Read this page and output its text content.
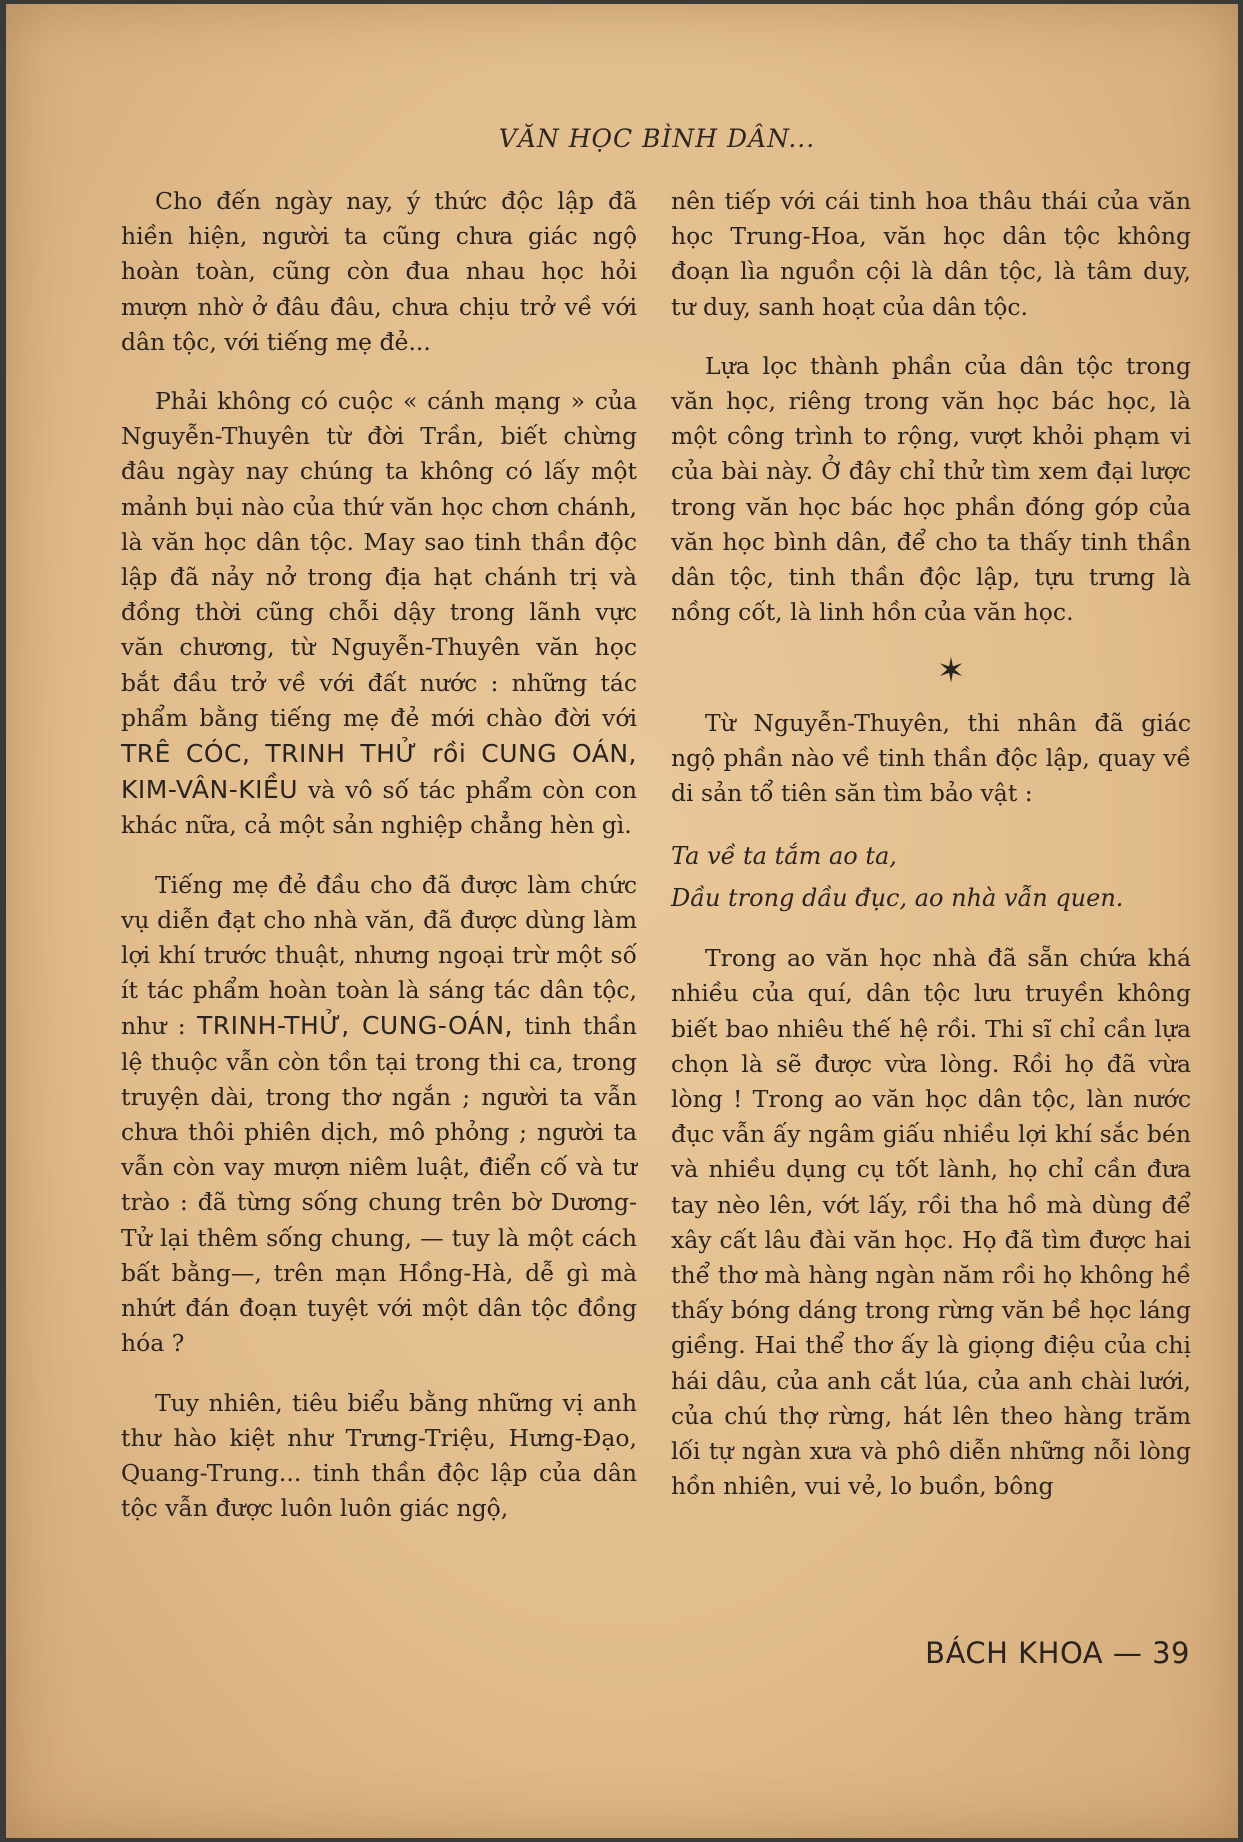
VĂN HỌC BÌNH DÂN...

Cho đến ngày nay, ý thức độc lập đã hiền hiện, người ta cũng chưa giác ngộ hoàn toàn, cũng còn đua nhau học hỏi mượn nhờ ở đâu đâu, chưa chịu trở về với dân tộc, với tiếng mẹ đẻ...

Phải không có cuộc « cánh mạng » của Nguyễn-Thuyên từ đời Trần, biết chừng đâu ngày nay chúng ta không có lấy một mảnh bụi nào của thứ văn học chơn chánh, là văn học dân tộc. May sao tinh thần độc lập đã nảy nở trong địa hạt chánh trị và đồng thời cũng chỗi dậy trong lãnh vực văn chương, từ Nguyễn-Thuyên văn học bắt đầu trở về với đất nước : những tác phẩm bằng tiếng mẹ đẻ mới chào đời với TRÊ CÓC, TRINH THỬ rồi CUNG OÁN, KIM-VÂN-KIỀU và vô số tác phẩm còn con khác nữa, cả một sản nghiệp chẳng hèn gì.

Tiếng mẹ đẻ đầu cho đã được làm chức vụ diễn đạt cho nhà văn, đã được dùng làm lợi khí trước thuật, nhưng ngoại trừ một số ít tác phẩm hoàn toàn là sáng tác dân tộc, như : TRINH-THỬ, CUNG-OÁN, tinh thần lệ thuộc vẫn còn tồn tại trong thi ca, trong truyện dài, trong thơ ngắn ; người ta vẫn chưa thôi phiên dịch, mô phỏng ; người ta vẫn còn vay mượn niêm luật, điển cố và tư trào : đã từng sống chung trên bờ Dương-Tử lại thêm sống chung, — tuy là một cách bất bằng—, trên mạn Hồng-Hà, dễ gì mà nhứt đán đoạn tuyệt với một dân tộc đồng hóa ?

Tuy nhiên, tiêu biểu bằng những vị anh thư hào kiệt như Trưng-Triệu, Hưng-Đạo, Quang-Trung... tinh thần độc lập của dân tộc vẫn được luôn luôn giác ngộ,

nên tiếp với cái tinh hoa thâu thái của văn học Trung-Hoa, văn học dân tộc không đoạn lìa nguồn cội là dân tộc, là tâm duy, tư duy, sanh hoạt của dân tộc.

Lựa lọc thành phần của dân tộc trong văn học, riêng trong văn học bác học, là một công trình to rộng, vượt khỏi phạm vi của bài này. Ở đây chỉ thử tìm xem đại lược trong văn học bác học phần đóng góp của văn học bình dân, để cho ta thấy tinh thần dân tộc, tinh thần độc lập, tựu trưng là nồng cốt, là linh hồn của văn học.

✶

Từ Nguyễn-Thuyên, thi nhân đã giác ngộ phần nào về tinh thần độc lập, quay về di sản tổ tiên săn tìm bảo vật :

Ta về ta tắm ao ta,
Dầu trong dầu đục, ao nhà vẫn quen.

Trong ao văn học nhà đã sẵn chứa khá nhiều của quí, dân tộc lưu truyền không biết bao nhiêu thế hệ rồi. Thi sĩ chỉ cần lựa chọn là sẽ được vừa lòng. Rồi họ đã vừa lòng ! Trong ao văn học dân tộc, làn nước đục vẫn ấy ngâm giấu nhiều lợi khí sắc bén và nhiều dụng cụ tốt lành, họ chỉ cần đưa tay nèo lên, vớt lấy, rồi tha hồ mà dùng để xây cất lâu đài văn học. Họ đã tìm được hai thể thơ mà hàng ngàn năm rồi họ không hề thấy bóng dáng trong rừng văn bề học láng giềng. Hai thể thơ ấy là giọng điệu của chị hái dâu, của anh cắt lúa, của anh chài lưới, của chú thợ rừng, hát lên theo hàng trăm lối tự ngàn xưa và phô diễn những nỗi lòng hồn nhiên, vui vẻ, lo buồn, bông

BÁCH KHOA — 39
